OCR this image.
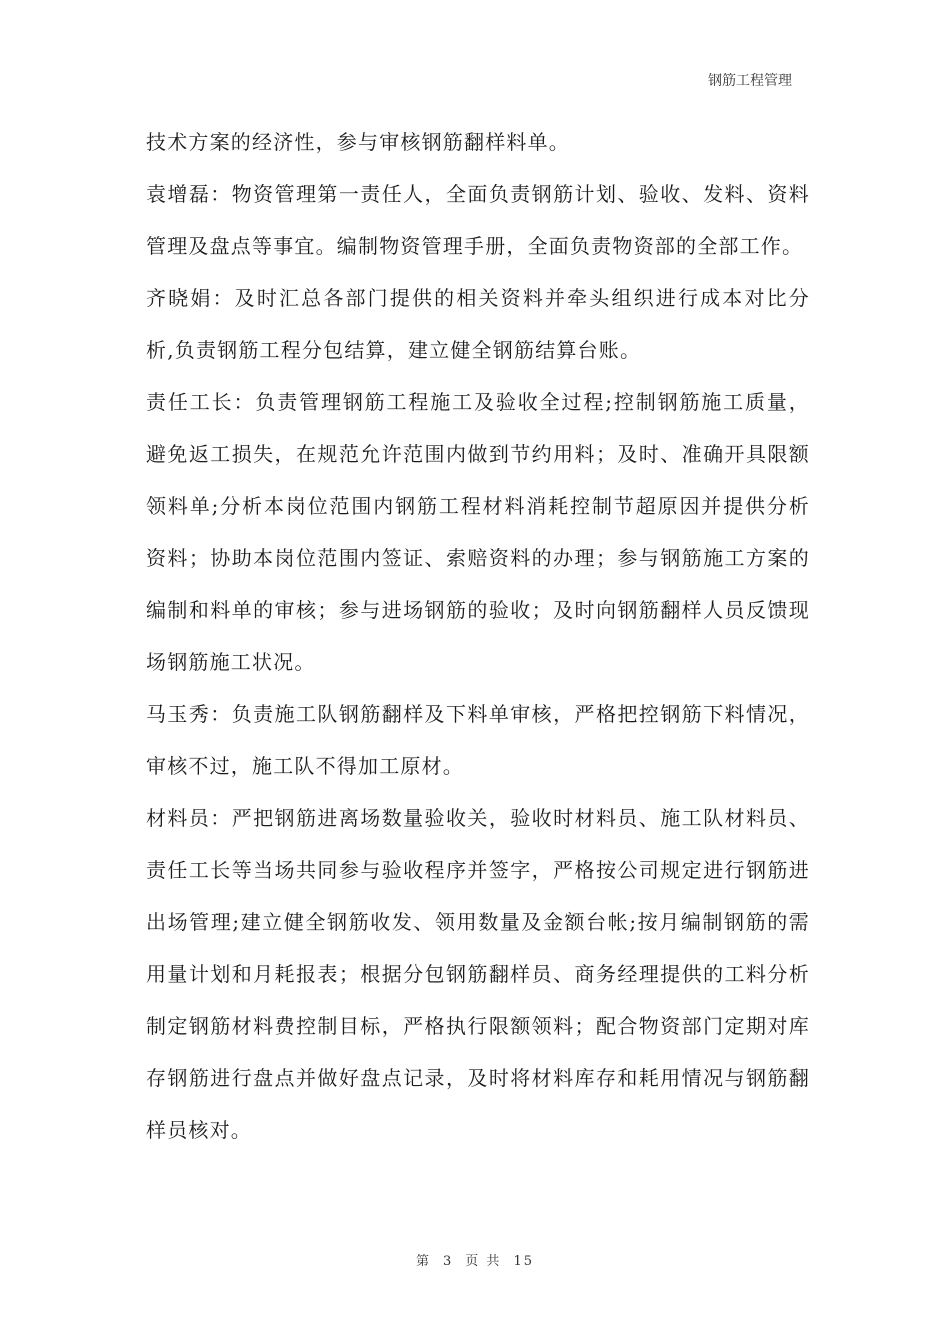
钢筋工程管理

技术方案的经济性，参与审核钢筋翻样料单。

袁增磊：物资管理第一责任人，全面负责钢筋计划、验收、发料、资料管理及盘点等事宜。编制物资管理手册，全面负责物资部的全部工作。

齐晓娟：及时汇总各部门提供的相关资料并牵头组织进行成本对比分析,负责钢筋工程分包结算，建立健全钢筋结算台账。

责任工长：负责管理钢筋工程施工及验收全过程;控制钢筋施工质量，避免返工损失，在规范允许范围内做到节约用料；及时、准确开具限额领料单;分析本岗位范围内钢筋工程材料消耗控制节超原因并提供分析资料；协助本岗位范围内签证、索赔资料的办理；参与钢筋施工方案的编制和料单的审核；参与进场钢筋的验收；及时向钢筋翻样人员反馈现场钢筋施工状况。

马玉秀：负责施工队钢筋翻样及下料单审核，严格把控钢筋下料情况，审核不过，施工队不得加工原材。

材料员：严把钢筋进离场数量验收关，验收时材料员、施工队材料员、责任工长等当场共同参与验收程序并签字，严格按公司规定进行钢筋进出场管理;建立健全钢筋收发、领用数量及金额台帐;按月编制钢筋的需用量计划和月耗报表；根据分包钢筋翻样员、商务经理提供的工料分析制定钢筋材料费控制目标，严格执行限额领料；配合物资部门定期对库存钢筋进行盘点并做好盘点记录，及时将材料库存和耗用情况与钢筋翻样员核对。

第 3 页 共 15
